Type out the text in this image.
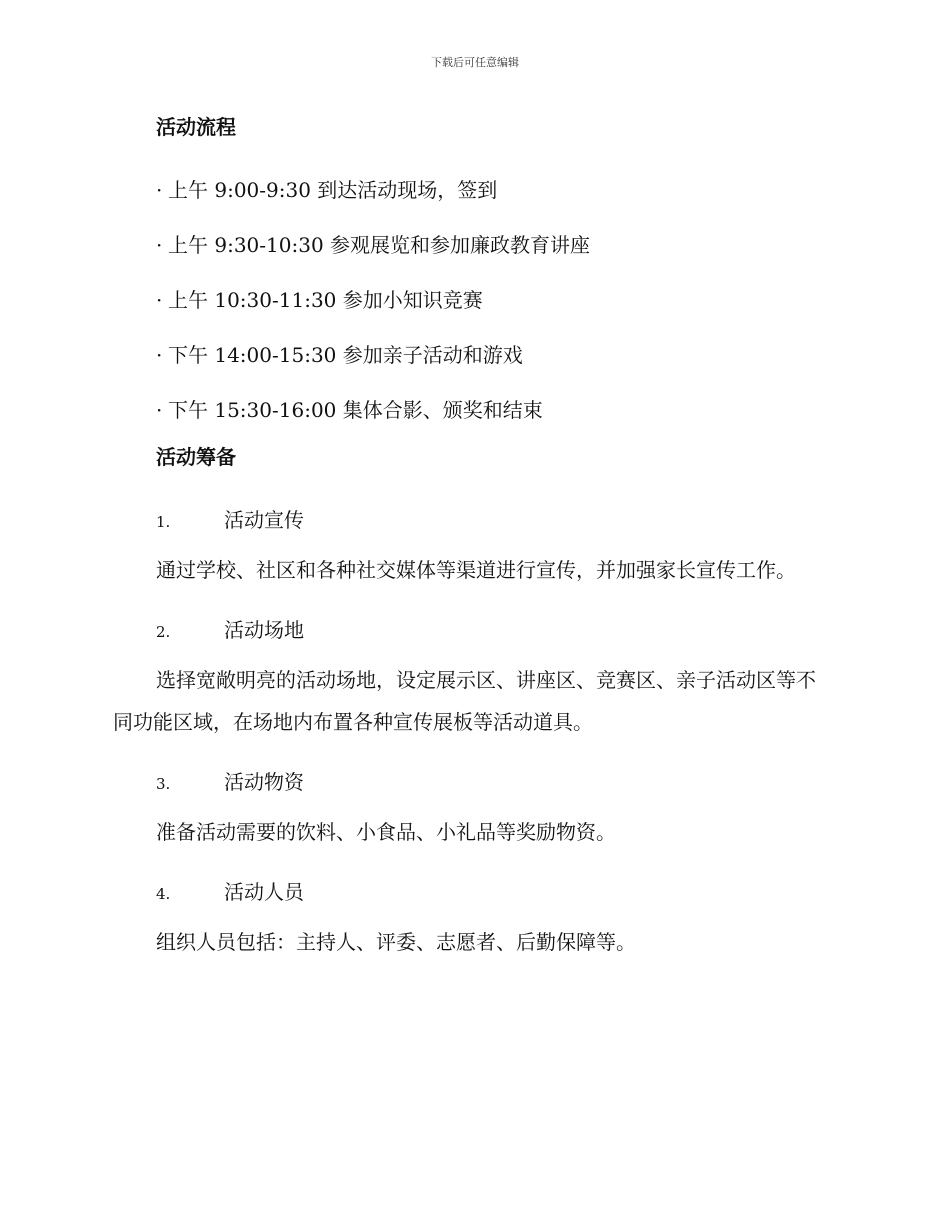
下载后可任意编辑
活动流程
· 上午 9:00-9:30 到达活动现场，签到
· 上午 9:30-10:30 参观展览和参加廉政教育讲座
· 上午 10:30-11:30 参加小知识竞赛
· 下午 14:00-15:30 参加亲子活动和游戏
· 下午 15:30-16:00 集体合影、颁奖和结束
活动筹备
1.	活动宣传

通过学校、社区和各种社交媒体等渠道进行宣传，并加强家长宣传工作。

2.	活动场地

选择宽敞明亮的活动场地，设定展示区、讲座区、竞赛区、亲子活动区等不同功能区域，在场地内布置各种宣传展板等活动道具。

3.	活动物资

准备活动需要的饮料、小食品、小礼品等奖励物资。

4.	活动人员

组织人员包括：主持人、评委、志愿者、后勤保障等。
